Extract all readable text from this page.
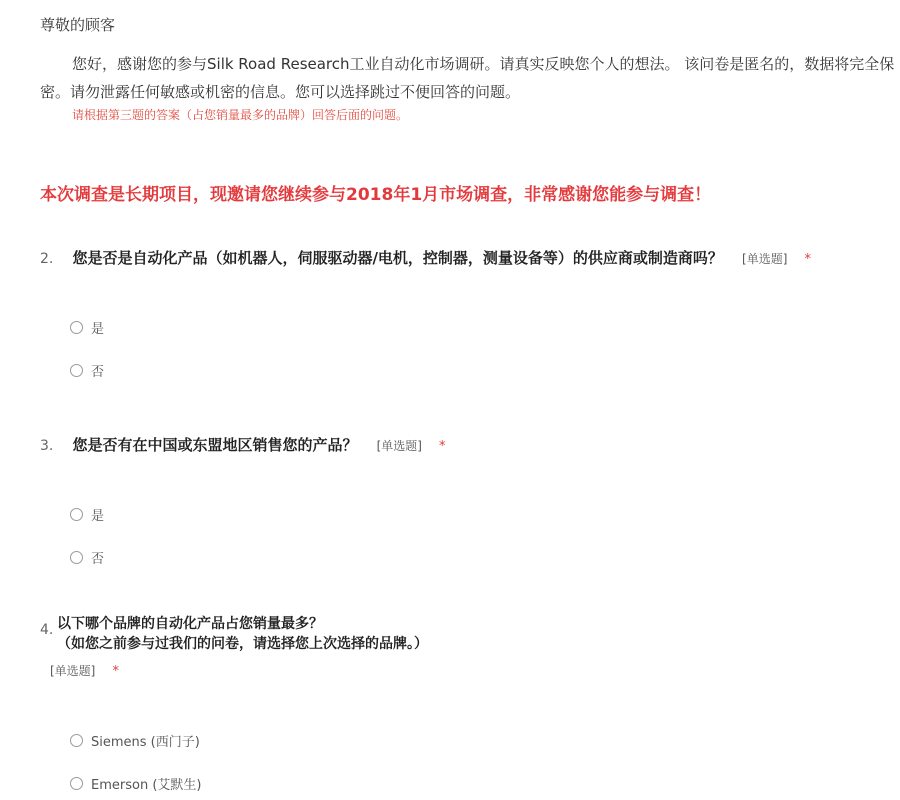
尊敬的顾客
您好，感谢您的参与Silk Road Research工业自动化市场调研。请真实反映您个人的想法。 该问卷是匿名的，数据将完全保
密。请勿泄露任何敏感或机密的信息。您可以选择跳过不便回答的问题。
请根据第三题的答案（占您销量最多的品牌）回答后面的问题。
本次调查是长期项目，现邀请您继续参与2018年1月市场调查，非常感谢您能参与调查！
2. 您是否是自动化产品（如机器人，伺服驱动器/电机，控制器，测量设备等）的供应商或制造商吗？ [单选题] *
是
否
3. 您是否有在中国或东盟地区销售您的产品？ [单选题] *
是
否
4. 以下哪个品牌的自动化产品占您销量最多？
（如您之前参与过我们的问卷，请选择您上次选择的品牌。）
[单选题] *
Siemens (西门子)
Emerson (艾默生)
